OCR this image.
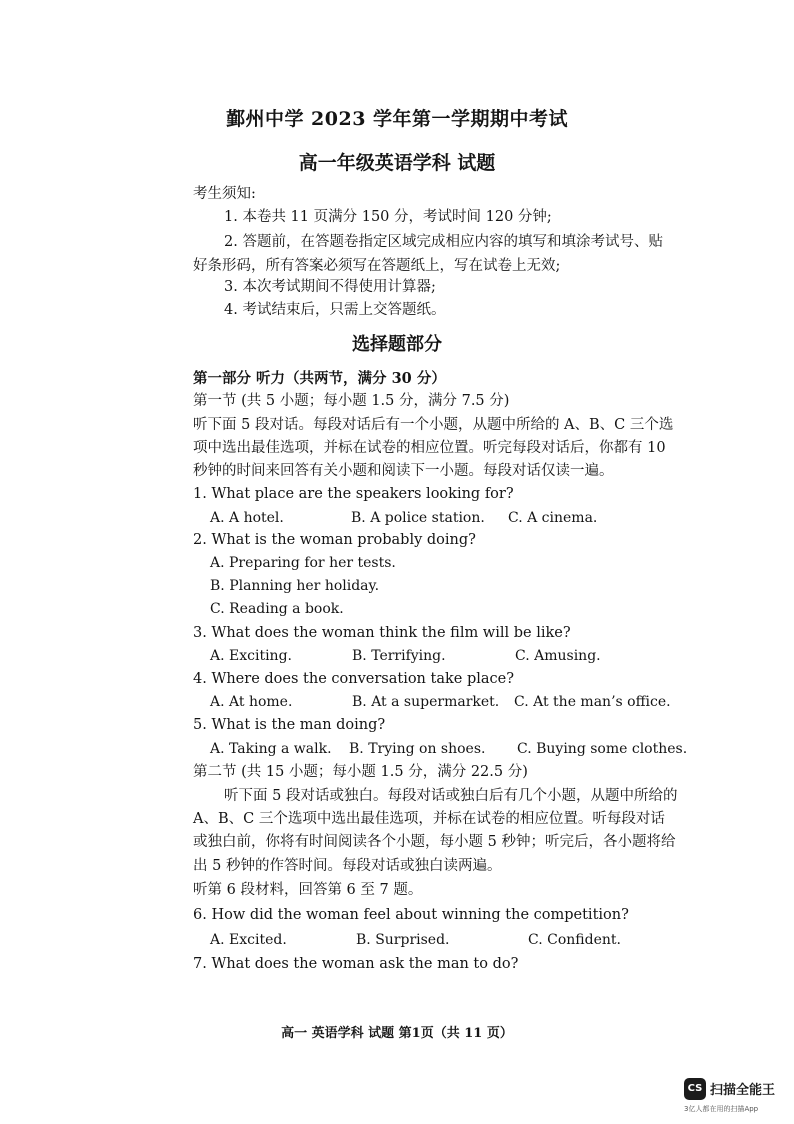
鄞州中学 2023 学年第一学期期中考试
高一年级英语学科 试题
考生须知:
1. 本卷共 11 页满分 150 分，考试时间 120 分钟;
2. 答题前，在答题卷指定区域完成相应内容的填写和填涂考试号、贴
好条形码，所有答案必须写在答题纸上，写在试卷上无效;
3. 本次考试期间不得使用计算器;
4. 考试结束后，只需上交答题纸。
选择题部分
第一部分 听力（共两节，满分 30 分）
第一节 (共 5 小题；每小题 1.5 分，满分 7.5 分)
听下面 5 段对话。每段对话后有一个小题，从题中所给的 A、B、C 三个选
项中选出最佳选项，并标在试卷的相应位置。听完每段对话后，你都有 10
秒钟的时间来回答有关小题和阅读下一小题。每段对话仅读一遍。
1. What place are the speakers looking for?
A. A hotel.	B. A police station. C. A cinema.
2. What is the woman probably doing?
A. Preparing for her tests.
B. Planning her holiday.
C. Reading a book.
3. What does the woman think the film will be like?
A. Exciting.	B. Terrifying.	C. Amusing.
4. Where does the conversation take place?
A. At home.	B. At a supermarket. C. At the man’s office.
5. What is the man doing?
A. Taking a walk. B. Trying on shoes. C. Buying some clothes.
第二节 (共 15 小题；每小题 1.5 分，满分 22.5 分)
听下面 5 段对话或独白。每段对话或独白后有几个小题，从题中所给的
A、B、C 三个选项中选出最佳选项，并标在试卷的相应位置。听每段对话
或独白前，你将有时间阅读各个小题，每小题 5 秒钟；听完后，各小题将给
出 5 秒钟的作答时间。每段对话或独白读两遍。
听第 6 段材料，回答第 6 至 7 题。
6. How did the woman feel about winning the competition?
A. Excited.	B. Surprised.	C. Confident.
7. What does the woman ask the man to do?
高一 英语学科 试题 第1页（共 11 页）
CS 扫描全能王
3亿人都在用的扫描App
